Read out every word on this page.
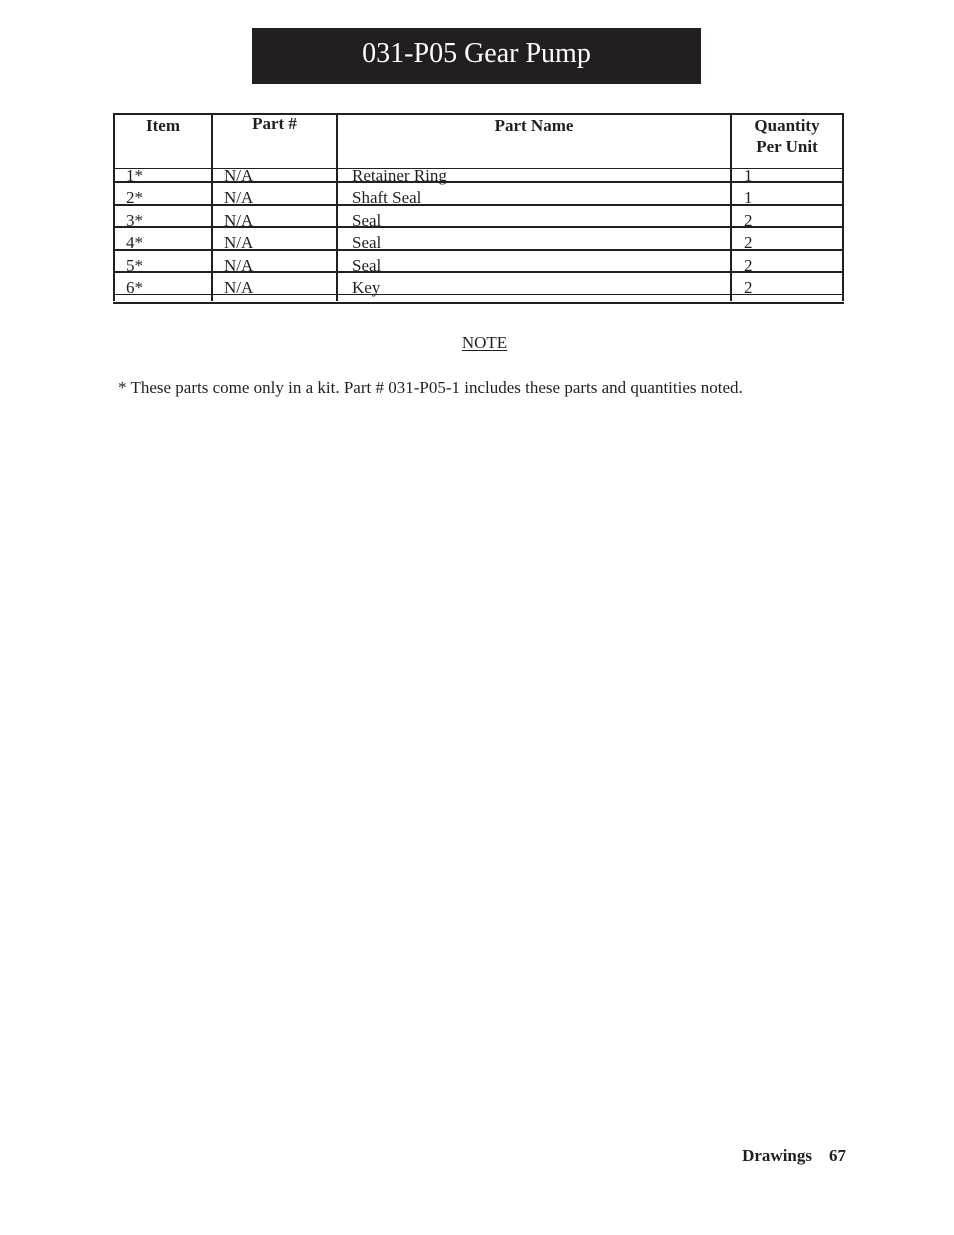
031-P05 Gear Pump
Item	Part #	Part Name	Quantity
Per Unit
1*	N/A	Retainer Ring	1
2*	N/A	Shaft Seal	1
3*	N/A	Seal	2
4*	N/A	Seal	2
5*	N/A	Seal	2
6*	N/A	Key	2
NOTE
* These parts come only in a kit. Part # 031-P05-1 includes these parts and quantities noted.
Drawings 67
